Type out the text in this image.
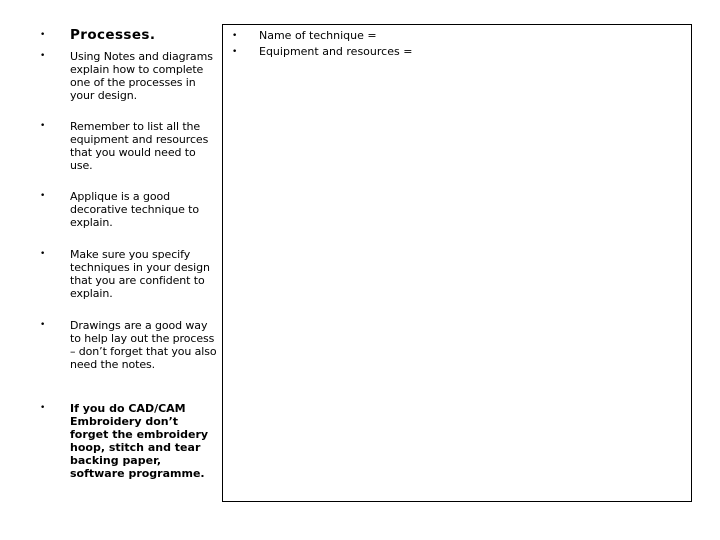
• Processes.
• Using Notes and diagrams explain how to complete one of the processes in your design.
• Remember to list all the equipment and resources that you would need to use.
• Applique is a good decorative technique to explain.
• Make sure you specify techniques in your design that you are confident to explain.
• Drawings are a good way to help lay out the process – don’t forget that you also need the notes.
• If you do CAD/CAM Embroidery don’t forget the embroidery hoop, stitch and tear backing paper, software programme.
• Name of technique =
• Equipment and resources =
